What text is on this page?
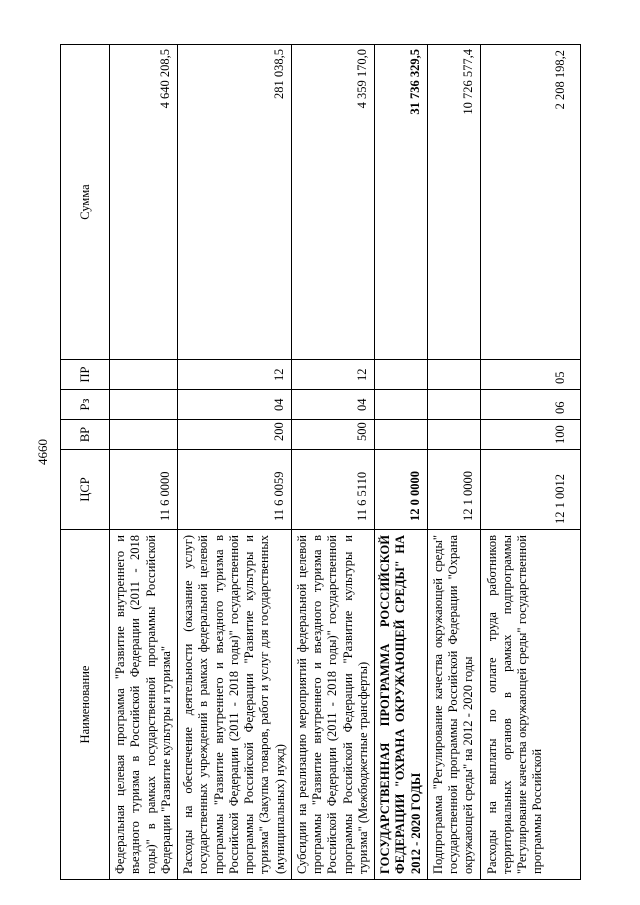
4660
Наименование	ЦСР	ВР	Рз	ПР	Сумма
Федеральная целевая программа "Развитие внутреннего и въездного туризма в Российской Федерации (2011 - 2018 годы)" в рамках государственной программы Российской Федерации "Развитие культуры и туризма"	11 6 0000				4 640 208,5
Расходы на обеспечение деятельности (оказание услуг) государственных учреждений в рамках федеральной целевой программы "Развитие внутреннего и въездного туризма в Российской Федерации (2011 - 2018 годы)" государственной программы Российской Федерации "Развитие культуры и туризма" (Закупка товаров, работ и услуг для государственных (муниципальных) нужд)	11 6 0059	200	04	12	281 038,5
Субсидии на реализацию мероприятий федеральной целевой программы "Развитие внутреннего и въездного туризма в Российской Федерации (2011 - 2018 годы)" государственной программы Российской Федерации "Развитие культуры и туризма" (Межбюджетные трансферты)	11 6 5110	500	04	12	4 359 170,0
ГОСУДАРСТВЕННАЯ ПРОГРАММА РОССИЙСКОЙ ФЕДЕРАЦИИ "ОХРАНА ОКРУЖАЮЩЕЙ СРЕДЫ" НА 2012 - 2020 ГОДЫ	12 0 0000				31 736 329,5
Подпрограмма "Регулирование качества окружающей среды" государственной программы Российской Федерации "Охрана окружающей среды" на 2012 - 2020 годы	12 1 0000				10 726 577,4

Расходы на выплаты по оплате труда работников территориальных органов в рамках подпрограммы "Регулирование качества окружающей среды" государственной программы Российской	12 1 0012	100	06	05	2 208 198,2
